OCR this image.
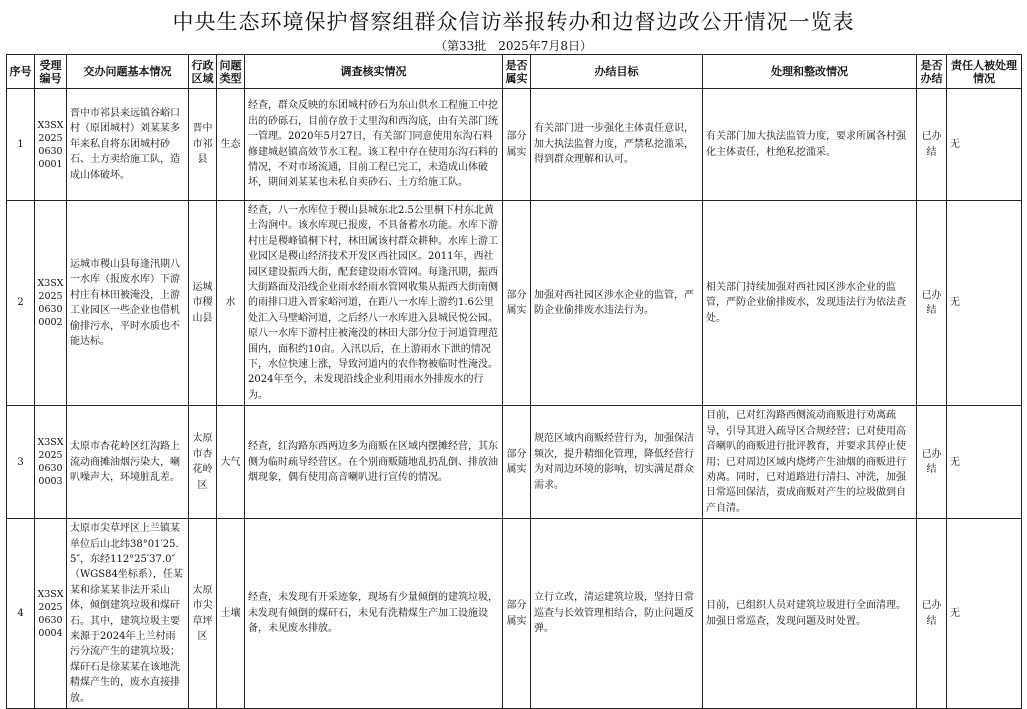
中央生态环境保护督察组群众信访举报转办和边督边改公开情况一览表
（第33批　2025年7月8日）
序号	受理编号	交办问题基本情况	行政区域	问题类型	调查核实情况	是否属实	办结目标	处理和整改情况	是否办结	责任人被处理情况
1	X3SX202506300001	晋中市祁县来远镇谷峪口村（原团城村）刘某某多年来私自将东团城村砂石、土方卖给施工队，造成山体破坏。	晋中市祁县	生态	经查，群众反映的东团城村砂石为东山供水工程施工中挖出的砂砾石，目前存放于丈里沟和西沟底，由有关部门统一管理。2020年5月27日，有关部门同意使用东沟石料修建城赵镇高效节水工程。该工程中存在使用东沟石料的情况，不对市场流通，目前工程已完工，未造成山体破坏，期间刘某某也未私自卖砂石、土方给施工队。	部分属实	有关部门进一步强化主体责任意识，加大执法监督力度，严禁私挖滥采，得到群众理解和认可。	有关部门加大执法监管力度，要求所属各村强化主体责任，杜绝私挖滥采。	已办结	无
2	X3SX202506300002	运城市稷山县每逢汛期八一水库（报废水库）下游村庄有林田被淹没，上游工业园区一些企业也借机偷排污水，平时水质也不能达标。	运城市稷山县	水	经查，八一水库位于稷山县城东北2.5公里桐下村东北黄土沟涧中。该水库现已报废，不具备蓄水功能。水库下游村庄是稷峰镇桐下村，林田属该村群众耕种。水库上游工业园区是稷山经济技术开发区西社园区。2011年，西社园区建设振西大街，配套建设雨水管网。每逢汛期，振西大街路面及沿线企业雨水经雨水管网收集从振西大街南侧的雨排口进入晋家峪河道，在距八一水库上游约1.6公里处汇入马壁峪河道，之后经八一水库进入县城民悦公园。原八一水库下游村庄被淹没的林田大部分位于河道管理范围内，面积约10亩。入汛以后，在上游雨水下泄的情况下，水位快速上涨，导致河道内的农作物被临时性淹没。2024年至今，未发现沿线企业利用雨水外排废水的行为。	部分属实	加强对西社园区涉水企业的监管，严防企业偷排废水违法行为。	相关部门持续加强对西社园区涉水企业的监管，严防企业偷排废水，发现违法行为依法查处。	已办结	无
3	X3SX202506300003	太原市杏花岭区红沟路上流动商摊油烟污染大，喇叭噪声大，环境脏乱差。	太原市杏花岭区	大气	经查，红沟路东西两边多为商贩在区域内摆摊经营，其东侧为临时疏导经营区。在个别商贩随地乱扔乱倒、排放油烟现象，偶有使用高音喇叭进行宣传的情况。	部分属实	规范区域内商贩经营行为，加强保洁频次，提升精细化管理，降低经营行为对周边环境的影响，切实满足群众需求。	目前，已对红沟路西侧流动商贩进行劝离疏导，引导其进入疏导区合规经营；已对使用高音喇叭的商贩进行批评教育，并要求其停止使用；已对周边区域内烧烤产生油烟的商贩进行劝离。同时，已对道路进行清扫、冲洗，加强日常巡回保洁，责成商贩对产生的垃圾做到自产自清。	已办结	无
4	X3SX202506300004	太原市尖草坪区上兰镇某单位后山北纬38°01′25.5″，东经112°25′37.0″（WGS84坐标系），任某某和徐某某非法开采山体，倾倒建筑垃圾和煤矸石。其中，建筑垃圾主要来源于2024年上兰村雨污分流产生的建筑垃圾；煤矸石是徐某某在该地洗精煤产生的，废水直接排放。	太原市尖草坪区	土壤	经查，未发现有开采迹象，现场有少量倾倒的建筑垃圾，未发现有倾倒的煤矸石，未见有洗精煤生产加工设施设备，未见废水排放。	部分属实	立行立改，清运建筑垃圾，坚持日常巡查与长效管理相结合，防止问题反弹。	目前，已组织人员对建筑垃圾进行全面清理。加强日常巡查，发现问题及时处置。	已办结	无
